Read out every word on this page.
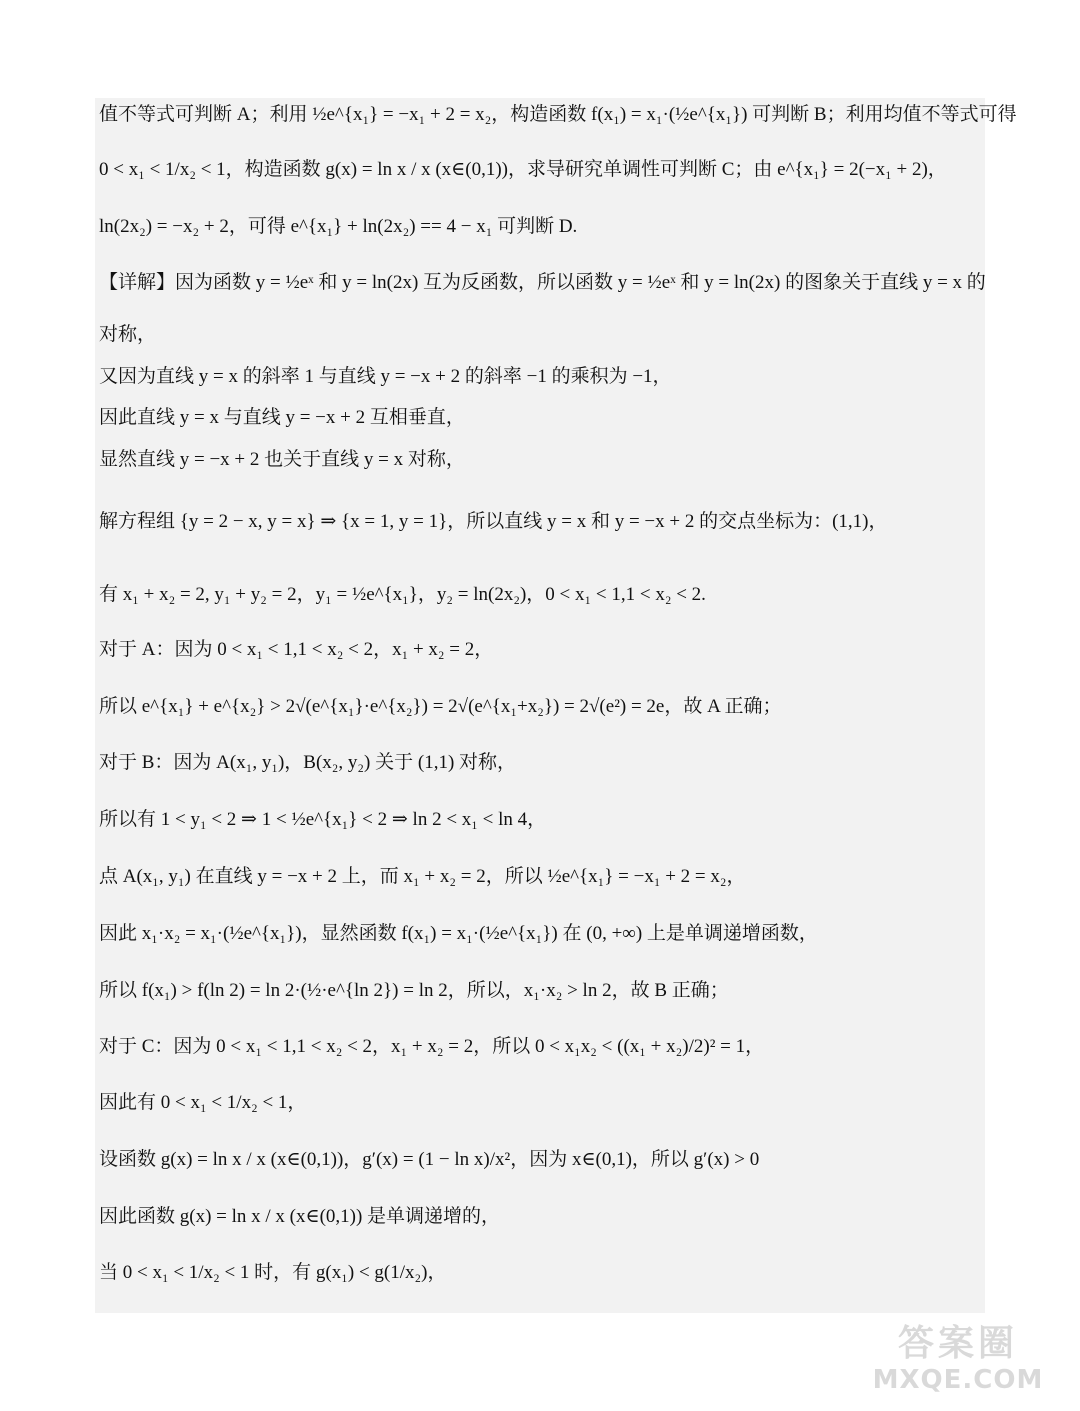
值不等式可判断 A；利用 ½e^{x₁} = −x₁ + 2 = x₂，构造函数 f(x₁) = x₁·(½e^{x₁}) 可判断 B；利用均值不等式可得
0 < x₁ < 1/x₂ < 1，构造函数 g(x) = ln x / x (x∈(0,1))，求导研究单调性可判断 C；由 e^{x₁} = 2(−x₁ + 2)，
ln(2x₂) = −x₂ + 2，可得 e^{x₁} + ln(2x₂) == 4 − x₁ 可判断 D.
【详解】因为函数 y = ½eˣ 和 y = ln(2x) 互为反函数，所以函数 y = ½eˣ 和 y = ln(2x) 的图象关于直线 y = x 的
对称，
又因为直线 y = x 的斜率 1 与直线 y = −x + 2 的斜率 −1 的乘积为 −1，
因此直线 y = x 与直线 y = −x + 2 互相垂直，
显然直线 y = −x + 2 也关于直线 y = x 对称，
解方程组 {y = 2 − x, y = x} ⇒ {x = 1, y = 1}，所以直线 y = x 和 y = −x + 2 的交点坐标为：(1,1)，
有 x₁ + x₂ = 2, y₁ + y₂ = 2，y₁ = ½e^{x₁}，y₂ = ln(2x₂)，0 < x₁ < 1,1 < x₂ < 2.
对于 A：因为 0 < x₁ < 1,1 < x₂ < 2，x₁ + x₂ = 2，
所以 e^{x₁} + e^{x₂} > 2√(e^{x₁}·e^{x₂}) = 2√(e^{x₁+x₂}) = 2√(e²) = 2e，故 A 正确；
对于 B：因为 A(x₁, y₁)，B(x₂, y₂) 关于 (1,1) 对称，
所以有 1 < y₁ < 2 ⇒ 1 < ½e^{x₁} < 2 ⇒ ln 2 < x₁ < ln 4，
点 A(x₁, y₁) 在直线 y = −x + 2 上，而 x₁ + x₂ = 2，所以 ½e^{x₁} = −x₁ + 2 = x₂，
因此 x₁·x₂ = x₁·(½e^{x₁})，显然函数 f(x₁) = x₁·(½e^{x₁}) 在 (0, +∞) 上是单调递增函数，
所以 f(x₁) > f(ln 2) = ln 2·(½·e^{ln 2}) = ln 2，所以，x₁·x₂ > ln 2，故 B 正确；
对于 C：因为 0 < x₁ < 1,1 < x₂ < 2，x₁ + x₂ = 2，所以 0 < x₁x₂ < ((x₁ + x₂)/2)² = 1，
因此有 0 < x₁ < 1/x₂ < 1，
设函数 g(x) = ln x / x (x∈(0,1))，g′(x) = (1 − ln x)/x²，因为 x∈(0,1)，所以 g′(x) > 0
因此函数 g(x) = ln x / x (x∈(0,1)) 是单调递增的，
当 0 < x₁ < 1/x₂ < 1 时，有 g(x₁) < g(1/x₂)，
答案圈
MXQE.COM
